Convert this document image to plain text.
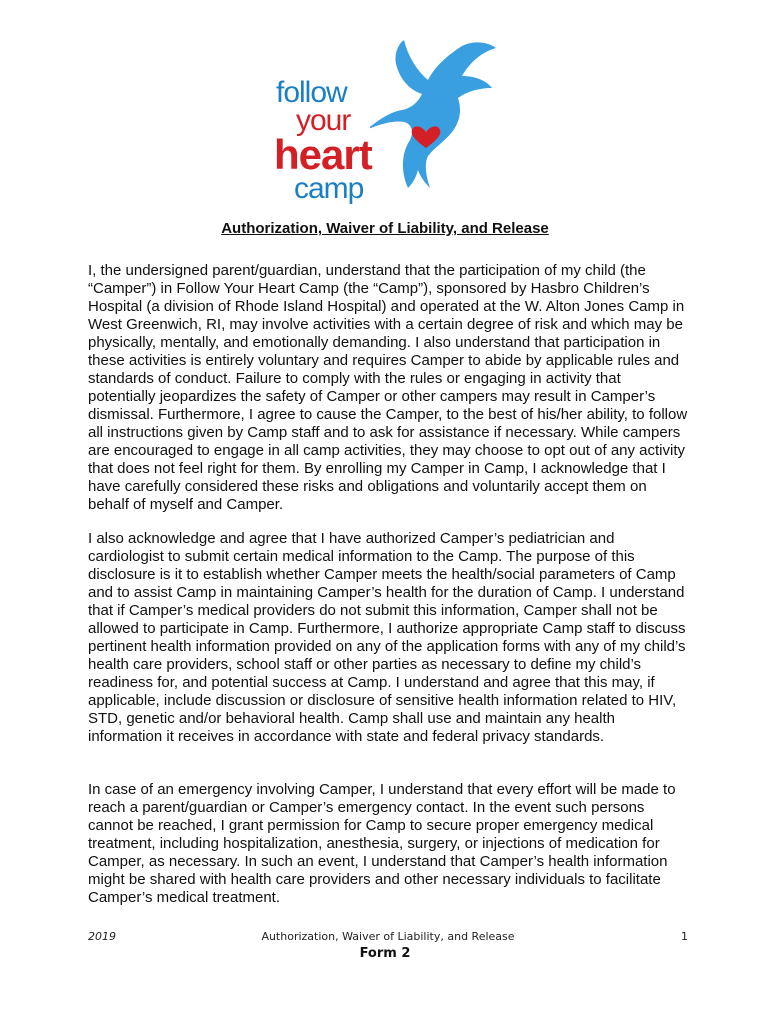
follow
your
heart
camp
Authorization, Waiver of Liability, and Release

I, the undersigned parent/guardian, understand that the participation of my child (the “Camper”) in Follow Your Heart Camp (the “Camp”), sponsored by Hasbro Children’s Hospital (a division of Rhode Island Hospital) and operated at the W. Alton Jones Camp in West Greenwich, RI, may involve activities with a certain degree of risk and which may be physically, mentally, and emotionally demanding. I also understand that participation in these activities is entirely voluntary and requires Camper to abide by applicable rules and standards of conduct. Failure to comply with the rules or engaging in activity that potentially jeopardizes the safety of Camper or other campers may result in Camper’s dismissal. Furthermore, I agree to cause the Camper, to the best of his/her ability, to follow all instructions given by Camp staff and to ask for assistance if necessary. While campers are encouraged to engage in all camp activities, they may choose to opt out of any activity that does not feel right for them. By enrolling my Camper in Camp, I acknowledge that I have carefully considered these risks and obligations and voluntarily accept them on behalf of myself and Camper.

I also acknowledge and agree that I have authorized Camper’s pediatrician and cardiologist to submit certain medical information to the Camp. The purpose of this disclosure is it to establish whether Camper meets the health/social parameters of Camp and to assist Camp in maintaining Camper’s health for the duration of Camp. I understand that if Camper’s medical providers do not submit this information, Camper shall not be allowed to participate in Camp. Furthermore, I authorize appropriate Camp staff to discuss pertinent health information provided on any of the application forms with any of my child’s health care providers, school staff or other parties as necessary to define my child’s readiness for, and potential success at Camp. I understand and agree that this may, if applicable, include discussion or disclosure of sensitive health information related to HIV, STD, genetic and/or behavioral health. Camp shall use and maintain any health information it receives in accordance with state and federal privacy standards.

In case of an emergency involving Camper, I understand that every effort will be made to reach a parent/guardian or Camper’s emergency contact. In the event such persons cannot be reached, I grant permission for Camp to secure proper emergency medical treatment, including hospitalization, anesthesia, surgery, or injections of medication for Camper, as necessary. In such an event, I understand that Camper’s health information might be shared with health care providers and other necessary individuals to facilitate Camper’s medical treatment.

2019	Authorization, Waiver of Liability, and Release	1
Form 2
